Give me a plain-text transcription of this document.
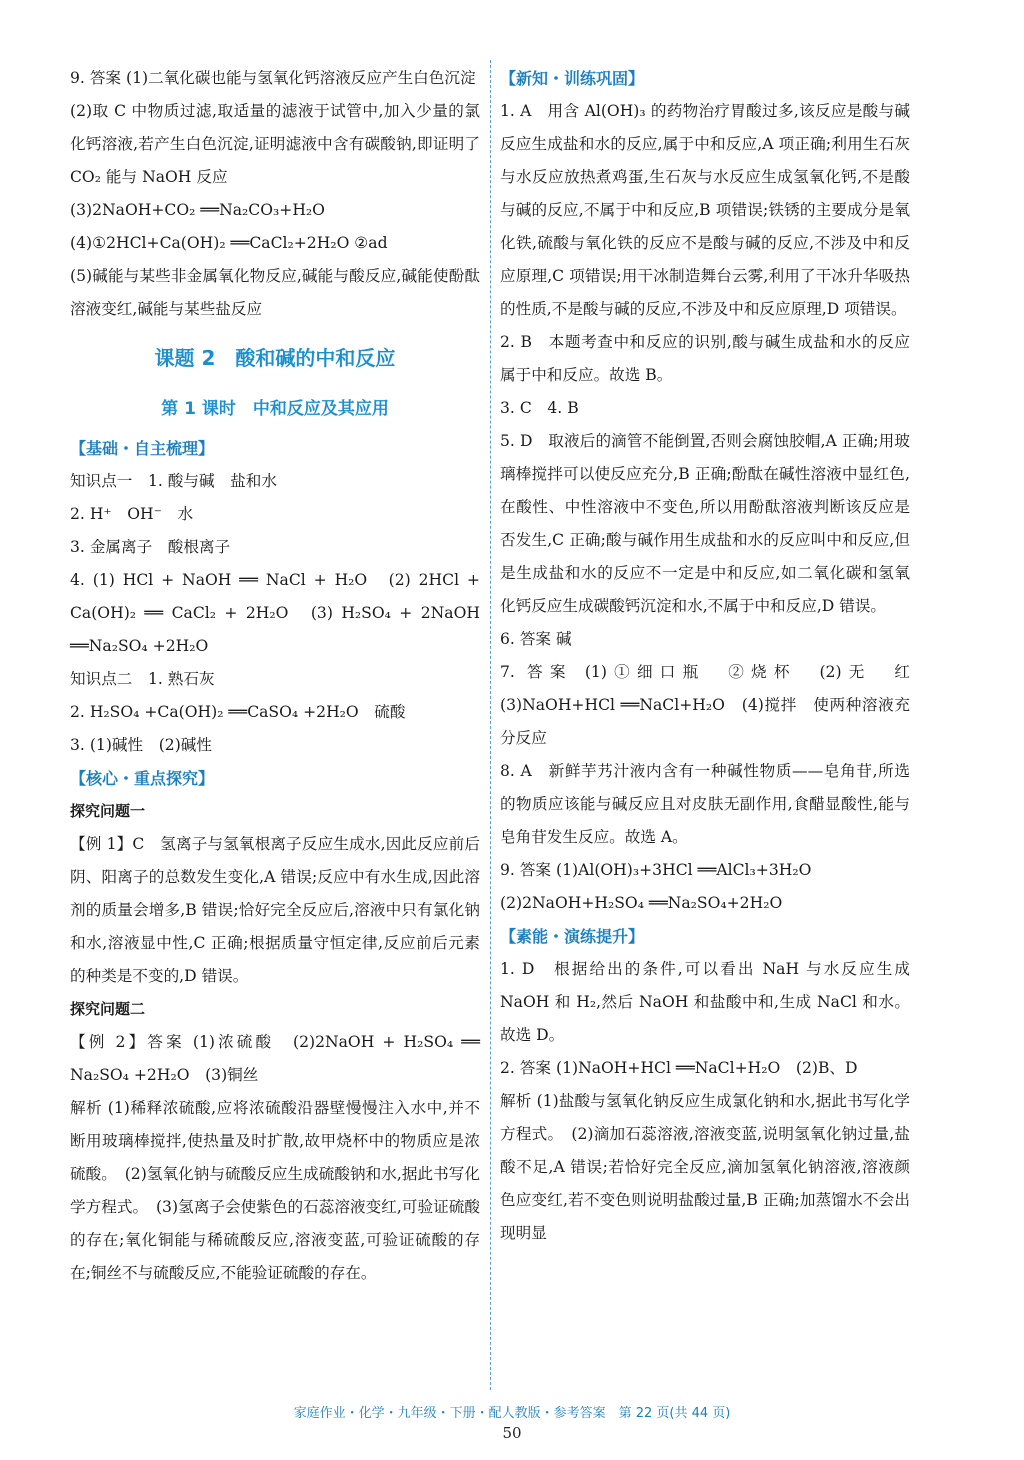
9. 答案 (1)二氧化碳也能与氢氧化钙溶液反应产生白色沉淀

(2)取 C 中物质过滤,取适量的滤液于试管中,加入少量的氯化钙溶液,若产生白色沉淀,证明滤液中含有碳酸钠,即证明了 CO₂ 能与 NaOH 反应

(3)2NaOH+CO₂ ══Na₂CO₃+H₂O

(4)①2HCl+Ca(OH)₂ ══CaCl₂+2H₂O ②ad

(5)碱能与某些非金属氧化物反应,碱能与酸反应,碱能使酚酞溶液变红,碱能与某些盐反应

课题 2　酸和碱的中和反应
第 1 课时　中和反应及其应用

【基础・自主梳理】

知识点一　1. 酸与碱　盐和水

2. H⁺　OH⁻　水

3. 金属离子　酸根离子

4. (1) HCl + NaOH ══ NaCl + H₂O　(2) 2HCl + Ca(OH)₂ ══ CaCl₂ + 2H₂O　(3) H₂SO₄ + 2NaOH ══Na₂SO₄ +2H₂O

知识点二　1. 熟石灰

2. H₂SO₄ +Ca(OH)₂ ══CaSO₄ +2H₂O　硫酸

3. (1)碱性　(2)碱性

【核心・重点探究】

探究问题一

【例 1】C　氢离子与氢氧根离子反应生成水,因此反应前后阴、阳离子的总数发生变化,A 错误;反应中有水生成,因此溶剂的质量会增多,B 错误;恰好完全反应后,溶液中只有氯化钠和水,溶液显中性,C 正确;根据质量守恒定律,反应前后元素的种类是不变的,D 错误。

探究问题二

【例 2】答案 (1)浓硫酸　(2)2NaOH + H₂SO₄ ══ Na₂SO₄ +2H₂O　(3)铜丝

解析 (1)稀释浓硫酸,应将浓硫酸沿器壁慢慢注入水中,并不断用玻璃棒搅拌,使热量及时扩散,故甲烧杯中的物质应是浓硫酸。　(2)氢氧化钠与硫酸反应生成硫酸钠和水,据此书写化学方程式。　(3)氢离子会使紫色的石蕊溶液变红,可验证硫酸的存在;氧化铜能与稀硫酸反应,溶液变蓝,可验证硫酸的存在;铜丝不与硫酸反应,不能验证硫酸的存在。

【新知・训练巩固】

1. A　用含 Al(OH)₃ 的药物治疗胃酸过多,该反应是酸与碱反应生成盐和水的反应,属于中和反应,A 项正确;利用生石灰与水反应放热煮鸡蛋,生石灰与水反应生成氢氧化钙,不是酸与碱的反应,不属于中和反应,B 项错误;铁锈的主要成分是氧化铁,硫酸与氧化铁的反应不是酸与碱的反应,不涉及中和反应原理,C 项错误;用干冰制造舞台云雾,利用了干冰升华吸热的性质,不是酸与碱的反应,不涉及中和反应原理,D 项错误。

2. B　本题考查中和反应的识别,酸与碱生成盐和水的反应属于中和反应。故选 B。

3. C　4. B

5. D　取液后的滴管不能倒置,否则会腐蚀胶帽,A 正确;用玻璃棒搅拌可以使反应充分,B 正确;酚酞在碱性溶液中显红色,在酸性、中性溶液中不变色,所以用酚酞溶液判断该反应是否发生,C 正确;酸与碱作用生成盐和水的反应叫中和反应,但是生成盐和水的反应不一定是中和反应,如二氧化碳和氢氧化钙反应生成碳酸钙沉淀和水,不属于中和反应,D 错误。

6. 答案 碱

7. 答案 (1)①细口瓶　②烧杯　(2)无　红　(3)NaOH+HCl ══NaCl+H₂O　(4)搅拌　使两种溶液充分反应

8. A　新鲜芋艿汁液内含有一种碱性物质——皂角苷,所选的物质应该能与碱反应且对皮肤无副作用,食醋显酸性,能与皂角苷发生反应。故选 A。

9. 答案 (1)Al(OH)₃+3HCl ══AlCl₃+3H₂O

(2)2NaOH+H₂SO₄ ══Na₂SO₄+2H₂O

【素能・演练提升】

1. D　根据给出的条件,可以看出 NaH 与水反应生成 NaOH 和 H₂,然后 NaOH 和盐酸中和,生成 NaCl 和水。故选 D。

2. 答案 (1)NaOH+HCl ══NaCl+H₂O　(2)B、D

解析 (1)盐酸与氢氧化钠反应生成氯化钠和水,据此书写化学方程式。　(2)滴加石蕊溶液,溶液变蓝,说明氢氧化钠过量,盐酸不足,A 错误;若恰好完全反应,滴加氢氧化钠溶液,溶液颜色应变红,若不变色则说明盐酸过量,B 正确;加蒸馏水不会出现明显

家庭作业・化学・九年级・下册・配人教版・参考答案　第 22 页(共 44 页)
50
